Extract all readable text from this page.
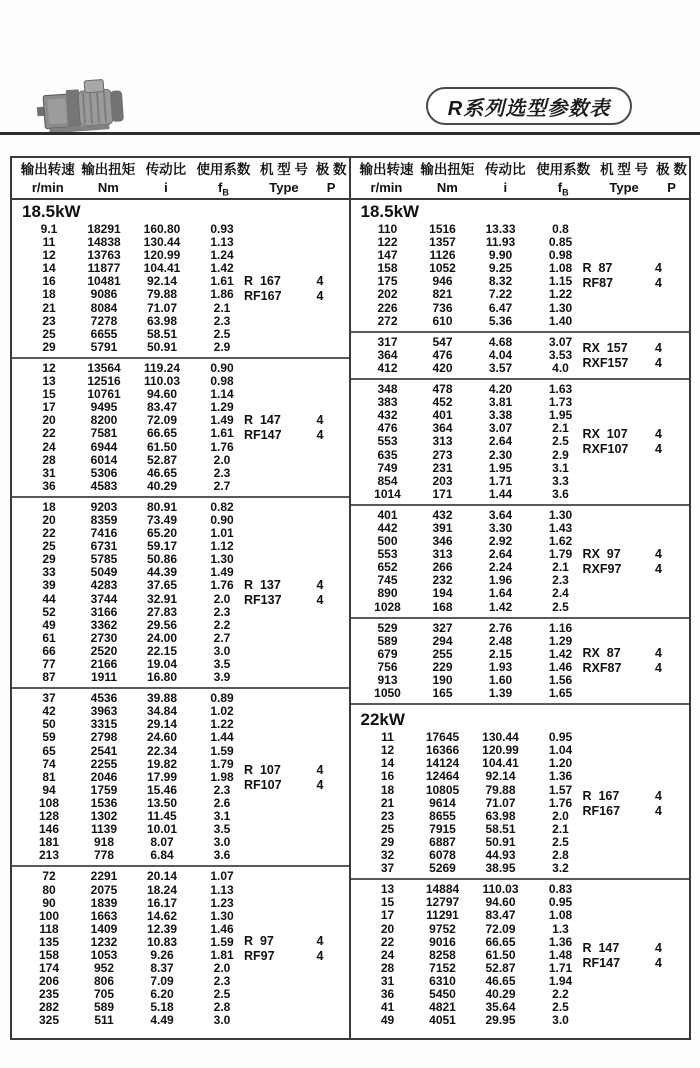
R系列选型参数表
输出转速 输出扭矩 传动比 使用系数 机 型 号 极 数
r/min	Nm	i	$f_B$	Type	P
18.5kW
9.1	18291	160.80	0.93
11	14838	130.44	1.13
12	13763	120.99	1.24
14	11877	104.41	1.42
16	10481	92.14	1.61
18	9086	79.88	1.86
21	8084	71.07	2.1
23	7278	63.98	2.3
25	6655	58.51	2.5
29	5791	50.91	2.9
R  167	4
RF167	4
12	13564	119.24	0.90
13	12516	110.03	0.98
15	10761	94.60	1.14
17	9495	83.47	1.29
20	8200	72.09	1.49
22	7581	66.65	1.61
24	6944	61.50	1.76
28	6014	52.87	2.0
31	5306	46.65	2.3
36	4583	40.29	2.7
R  147	4
RF147	4
18	9203	80.91	0.82
20	8359	73.49	0.90
22	7416	65.20	1.01
25	6731	59.17	1.12
29	5785	50.86	1.30
33	5049	44.39	1.49
39	4283	37.65	1.76
44	3744	32.91	2.0
52	3166	27.83	2.3
49	3362	29.56	2.2
61	2730	24.00	2.7
66	2520	22.15	3.0
77	2166	19.04	3.5
87	1911	16.80	3.9
R  137	4
RF137	4
37	4536	39.88	0.89
42	3963	34.84	1.02
50	3315	29.14	1.22
59	2798	24.60	1.44
65	2541	22.34	1.59
74	2255	19.82	1.79
81	2046	17.99	1.98
94	1759	15.46	2.3
108	1536	13.50	2.6
128	1302	11.45	3.1
146	1139	10.01	3.5
181	918	8.07	3.0
213	778	6.84	3.6
R  107	4
RF107	4
72	2291	20.14	1.07
80	2075	18.24	1.13
90	1839	16.17	1.23
100	1663	14.62	1.30
118	1409	12.39	1.46
135	1232	10.83	1.59
158	1053	9.26	1.81
174	952	8.37	2.0
206	806	7.09	2.3
235	705	6.20	2.5
282	589	5.18	2.8
325	511	4.49	3.0
R  97	4
RF97	4
输出转速 输出扭矩 传动比 使用系数 机 型 号 极 数
r/min	Nm	i	$f_B$	Type	P
18.5kW
110	1516	13.33	0.8
122	1357	11.93	0.85
147	1126	9.90	0.98
158	1052	9.25	1.08
175	946	8.32	1.15
202	821	7.22	1.22
226	736	6.47	1.30
272	610	5.36	1.40
R  87	4
RF87	4
317	547	4.68	3.07
364	476	4.04	3.53
412	420	3.57	4.0
RX  157	4
RXF157	4
348	478	4.20	1.63
383	452	3.81	1.73
432	401	3.38	1.95
476	364	3.07	2.1
553	313	2.64	2.5
635	273	2.30	2.9
749	231	1.95	3.1
854	203	1.71	3.3
1014	171	1.44	3.6
RX  107	4
RXF107	4
401	432	3.64	1.30
442	391	3.30	1.43
500	346	2.92	1.62
553	313	2.64	1.79
652	266	2.24	2.1
745	232	1.96	2.3
890	194	1.64	2.4
1028	168	1.42	2.5
RX  97	4
RXF97	4
529	327	2.76	1.16
589	294	2.48	1.29
679	255	2.15	1.42
756	229	1.93	1.46
913	190	1.60	1.56
1050	165	1.39	1.65
RX  87	4
RXF87	4
22kW
11	17645	130.44	0.95
12	16366	120.99	1.04
14	14124	104.41	1.20
16	12464	92.14	1.36
18	10805	79.88	1.57
21	9614	71.07	1.76
23	8655	63.98	2.0
25	7915	58.51	2.1
29	6887	50.91	2.5
32	6078	44.93	2.8
37	5269	38.95	3.2
R  167	4
RF167	4
13	14884	110.03	0.83
15	12797	94.60	0.95
17	11291	83.47	1.08
20	9752	72.09	1.3
22	9016	66.65	1.36
24	8258	61.50	1.48
28	7152	52.87	1.71
31	6310	46.65	1.94
36	5450	40.29	2.2
41	4821	35.64	2.5
49	4051	29.95	3.0
R  147	4
RF147	4
